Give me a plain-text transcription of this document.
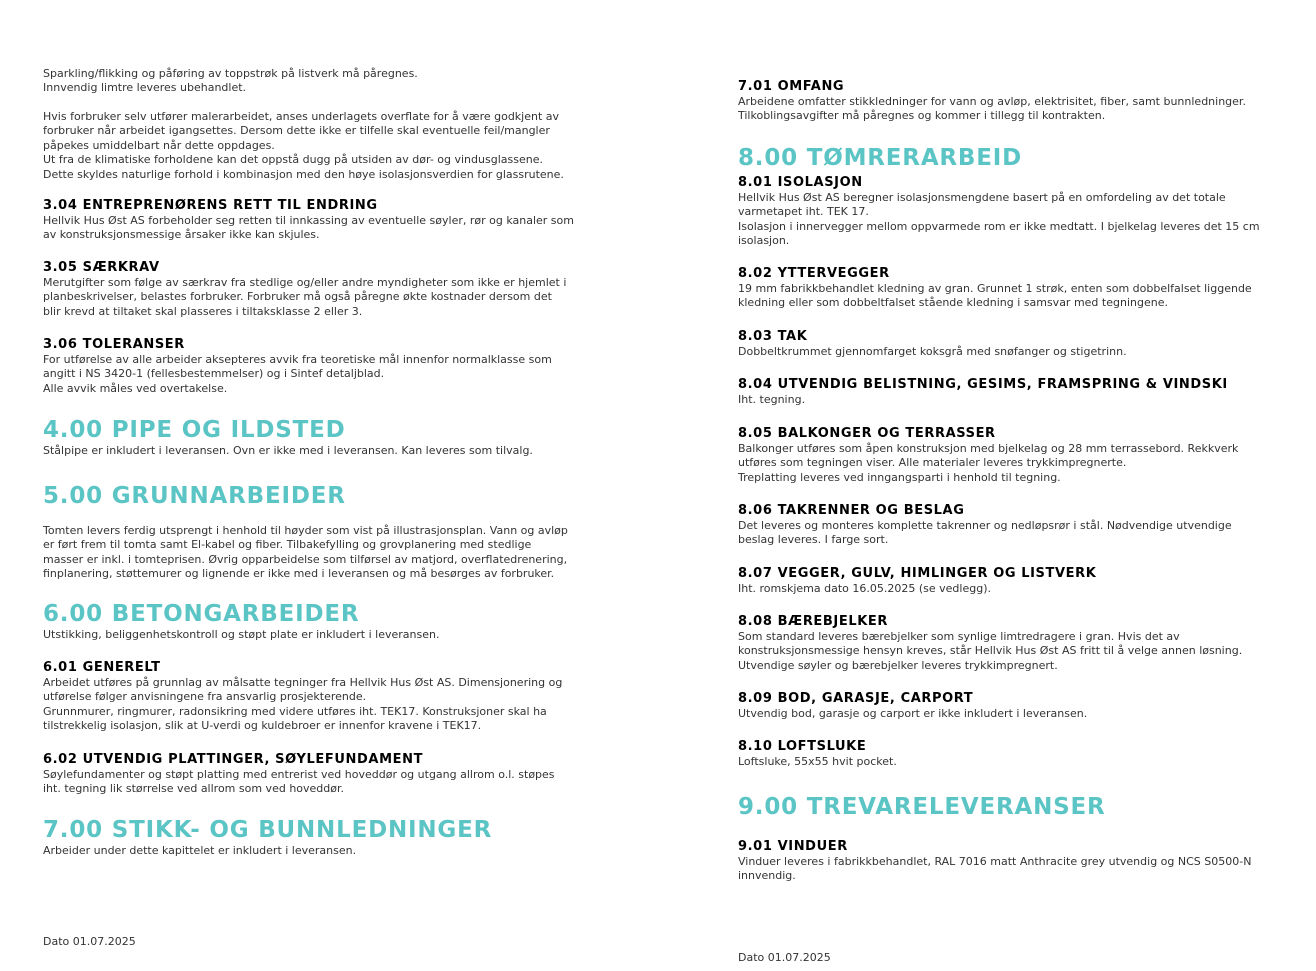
Sparkling/flikking og påføring av toppstrøk på listverk må påregnes.
Innvendig limtre leveres ubehandlet.

Hvis forbruker selv utfører malerarbeidet, anses underlagets overflate for å være godkjent av
forbruker når arbeidet igangsettes. Dersom dette ikke er tilfelle skal eventuelle feil/mangler
påpekes umiddelbart når dette oppdages.
Ut fra de klimatiske forholdene kan det oppstå dugg på utsiden av dør- og vindusglassene.
Dette skyldes naturlige forhold i kombinasjon med den høye isolasjonsverdien for glassrutene.

3.04 ENTREPRENØRENS RETT TIL ENDRING

Hellvik Hus Øst AS forbeholder seg retten til innkassing av eventuelle søyler, rør og kanaler som
av konstruksjonsmessige årsaker ikke kan skjules.

3.05 SÆRKRAV

Merutgifter som følge av særkrav fra stedlige og/eller andre myndigheter som ikke er hjemlet i
planbeskrivelser, belastes forbruker. Forbruker må også påregne økte kostnader dersom det
blir krevd at tiltaket skal plasseres i tiltaksklasse 2 eller 3.

3.06 TOLERANSER

For utførelse av alle arbeider aksepteres avvik fra teoretiske mål innenfor normalklasse som
angitt i NS 3420-1 (fellesbestemmelser) og i Sintef detaljblad.
Alle avvik måles ved overtakelse.

4.00 PIPE OG ILDSTED

Stålpipe er inkludert i leveransen. Ovn er ikke med i leveransen. Kan leveres som tilvalg.

5.00 GRUNNARBEIDER

Tomten levers ferdig utsprengt i henhold til høyder som vist på illustrasjonsplan. Vann og avløp
er ført frem til tomta samt El-kabel og fiber. Tilbakefylling og grovplanering med stedlige
masser er inkl. i tomteprisen. Øvrig opparbeidelse som tilførsel av matjord, overflatedrenering,
finplanering, støttemurer og lignende er ikke med i leveransen og må besørges av forbruker.

6.00 BETONGARBEIDER

Utstikking, beliggenhetskontroll og støpt plate er inkludert i leveransen.

6.01 GENERELT

Arbeidet utføres på grunnlag av målsatte tegninger fra Hellvik Hus Øst AS. Dimensjonering og
utførelse følger anvisningene fra ansvarlig prosjekterende.
Grunnmurer, ringmurer, radonsikring med videre utføres iht. TEK17. Konstruksjoner skal ha
tilstrekkelig isolasjon, slik at U-verdi og kuldebroer er innenfor kravene i TEK17.

6.02 UTVENDIG PLATTINGER, SØYLEFUNDAMENT

Søylefundamenter og støpt platting med entrerist ved hoveddør og utgang allrom o.l. støpes
iht. tegning lik størrelse ved allrom som ved hoveddør.

7.00 STIKK- OG BUNNLEDNINGER

Arbeider under dette kapittelet er inkludert i leveransen.

Dato 01.07.2025
7.01 OMFANG

Arbeidene omfatter stikkledninger for vann og avløp, elektrisitet, fiber, samt bunnledninger.
Tilkoblingsavgifter må påregnes og kommer i tillegg til kontrakten.

8.00 TØMRERARBEID
8.01 ISOLASJON

Hellvik Hus Øst AS beregner isolasjonsmengdene basert på en omfordeling av det totale
varmetapet iht. TEK 17.
Isolasjon i innervegger mellom oppvarmede rom er ikke medtatt. I bjelkelag leveres det 15 cm
isolasjon.

8.02 YTTERVEGGER

19 mm fabrikkbehandlet kledning av gran. Grunnet 1 strøk, enten som dobbelfalset liggende
kledning eller som dobbeltfalset stående kledning i samsvar med tegningene.

8.03 TAK

Dobbeltkrummet gjennomfarget koksgrå med snøfanger og stigetrinn.

8.04 UTVENDIG BELISTNING, GESIMS, FRAMSPRING & VINDSKI

Iht. tegning.

8.05 BALKONGER OG TERRASSER

Balkonger utføres som åpen konstruksjon med bjelkelag og 28 mm terrassebord. Rekkverk
utføres som tegningen viser. Alle materialer leveres trykkimpregnerte.
Treplatting leveres ved inngangsparti i henhold til tegning.

8.06 TAKRENNER OG BESLAG

Det leveres og monteres komplette takrenner og nedløpsrør i stål. Nødvendige utvendige
beslag leveres. I farge sort.

8.07 VEGGER, GULV, HIMLINGER OG LISTVERK

Iht. romskjema dato 16.05.2025 (se vedlegg).

8.08 BÆREBJELKER

Som standard leveres bærebjelker som synlige limtredragere i gran. Hvis det av
konstruksjonsmessige hensyn kreves, står Hellvik Hus Øst AS fritt til å velge annen løsning.
Utvendige søyler og bærebjelker leveres trykkimpregnert.

8.09 BOD, GARASJE, CARPORT

Utvendig bod, garasje og carport er ikke inkludert i leveransen.

8.10 LOFTSLUKE

Loftsluke, 55x55 hvit pocket.

9.00 TREVARELEVERANSER
9.01 VINDUER

Vinduer leveres i fabrikkbehandlet, RAL 7016 matt Anthracite grey utvendig og NCS S0500-N
innvendig.

Dato 01.07.2025
